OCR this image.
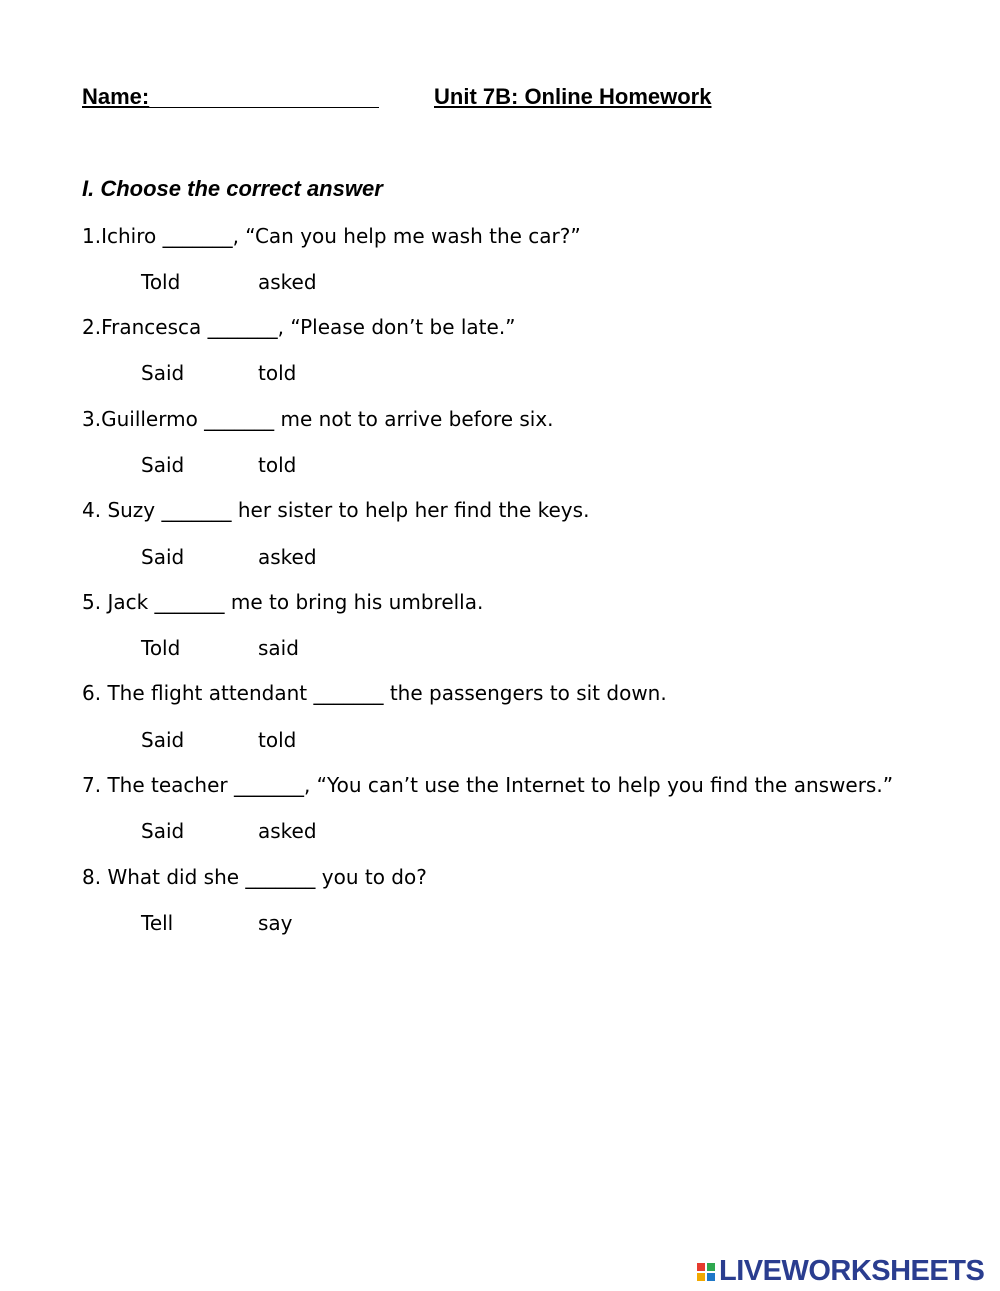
Name:	Unit 7B: Online Homework
I. Choose the correct answer
1.Ichiro _______, “Can you help me wash the car?”
Told	asked
2.Francesca _______, “Please don’t be late.”
Said	told
3.Guillermo _______ me not to arrive before six.
Said	told
4. Suzy _______ her sister to help her find the keys.
Said	asked
5. Jack _______ me to bring his umbrella.
Told	said
6. The flight attendant _______ the passengers to sit down.
Said	told
7. The teacher _______, “You can’t use the Internet to help you find the answers.”
Said	asked
8. What did she _______ you to do?
Tell	say
LIVEWORKSHEETS
